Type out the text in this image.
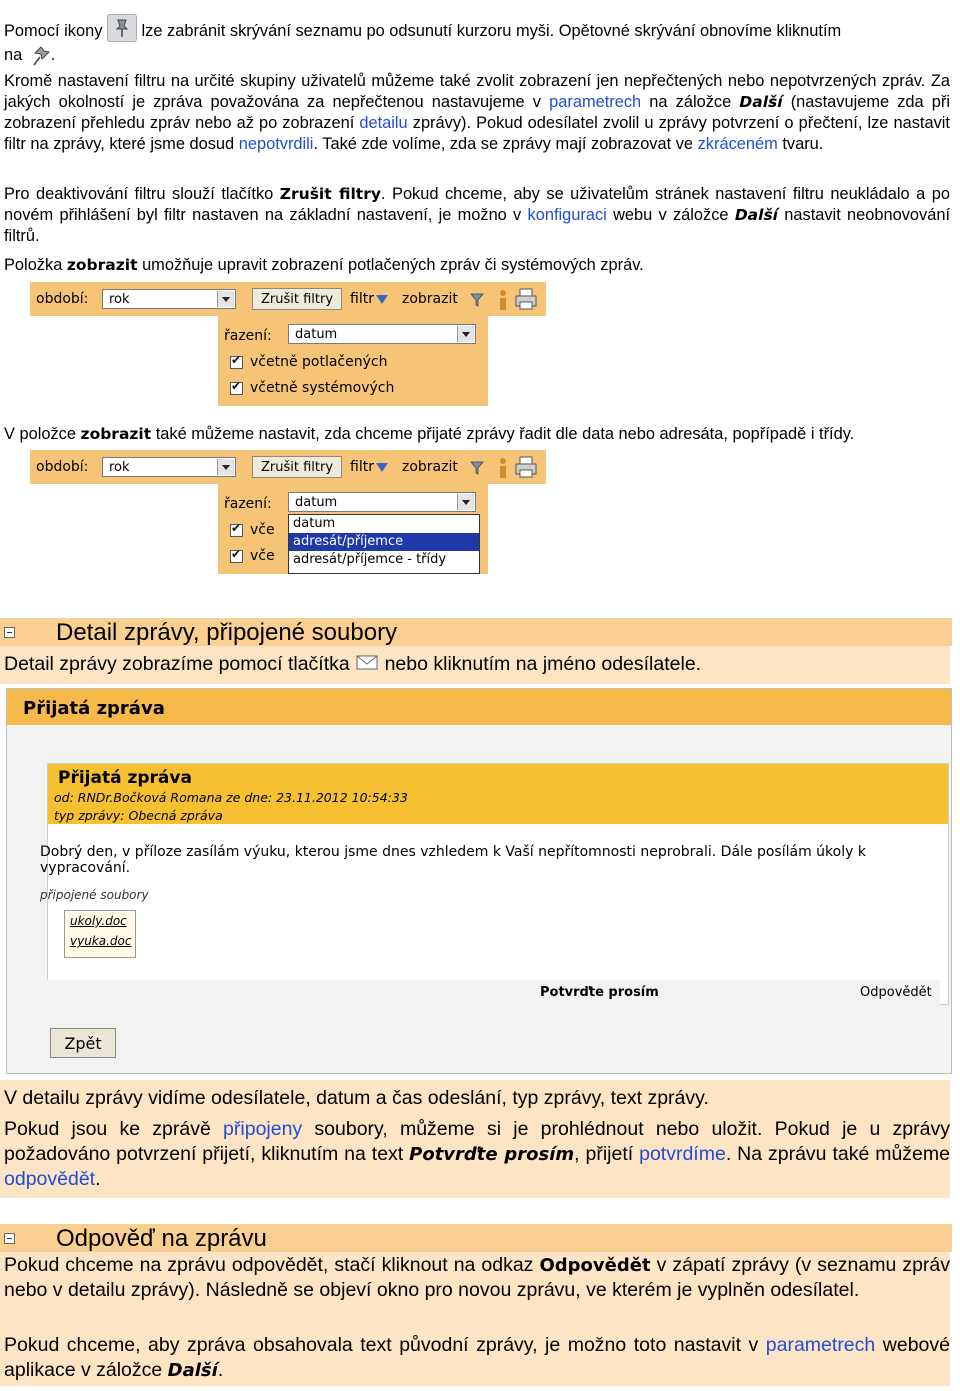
Pomocí ikony lze zabránit skrývání seznamu po odsunutí kurzoru myši. Opětovné skrývání obnovíme kliknutím
na .
Kromě nastavení filtru na určité skupiny uživatelů můžeme také zvolit zobrazení jen nepřečtených nebo nepotvrzených zpráv. Za jakých okolností je zpráva považována za nepřečtenou nastavujeme v parametrech na záložce Další (nastavujeme zda při zobrazení přehledu zpráv nebo až po zobrazení detailu zprávy). Pokud odesílatel zvolil u zprávy potvrzení o přečtení, lze nastavit filtr na zprávy, které jsme dosud nepotvrdili. Také zde volíme, zda se zprávy mají zobrazovat ve zkráceném tvaru.
Pro deaktivování filtru slouží tlačítko Zrušit filtry. Pokud chceme, aby se uživatelům stránek nastavení filtru neukládalo a po novém přihlášení byl filtr nastaven na základní nastavení, je možno v konfiguraci webu v záložce Další nastavit neobnovování filtrů.
Položka zobrazit umožňuje upravit zobrazení potlačených zpráv či systémových zpráv.
období:	rok	Zrušit filtry	filtr zobrazit
řazení:	datum
✔
včetně potlačených
✔
včetně systémových
V položce zobrazit také můžeme nastavit, zda chceme přijaté zprávy řadit dle data nebo adresáta, popřípadě i třídy.
období:	rok	Zrušit filtry	filtr zobrazit
řazení:	datum
✔
vče
✔
vče
datum
adresát/příjemce
adresát/příjemce - třídy
Detail zprávy, připojené soubory
Detail zprávy zobrazíme pomocí tlačítka nebo kliknutím na jméno odesílatele.
Přijatá zpráva
Přijatá zpráva
od: RNDr.Bočková Romana ze dne: 23.11.2012 10:54:33
typ zprávy: Obecná zpráva
Dobrý den, v příloze zasílám výuku, kterou jsme dnes vzhledem k Vaší nepřítomnosti neprobrali. Dále posílám úkoly k vypracování.
připojené soubory
ukoly.doc
vyuka.doc
Potvrďte prosím	Odpovědět
Zpět
V detailu zprávy vidíme odesílatele, datum a čas odeslání, typ zprávy, text zprávy.
Pokud jsou ke zprávě připojeny soubory, můžeme si je prohlédnout nebo uložit. Pokud je u zprávy požadováno potvrzení přijetí, kliknutím na text Potvrďte prosím, přijetí potvrdíme. Na zprávu také můžeme odpovědět.
Odpověď na zprávu
Pokud chceme na zprávu odpovědět, stačí kliknout na odkaz Odpovědět v zápatí zprávy (v seznamu zpráv nebo v detailu zprávy). Následně se objeví okno pro novou zprávu, ve kterém je vyplněn odesílatel.
Pokud chceme, aby zpráva obsahovala text původní zprávy, je možno toto nastavit v parametrech webové aplikace v záložce Další.
